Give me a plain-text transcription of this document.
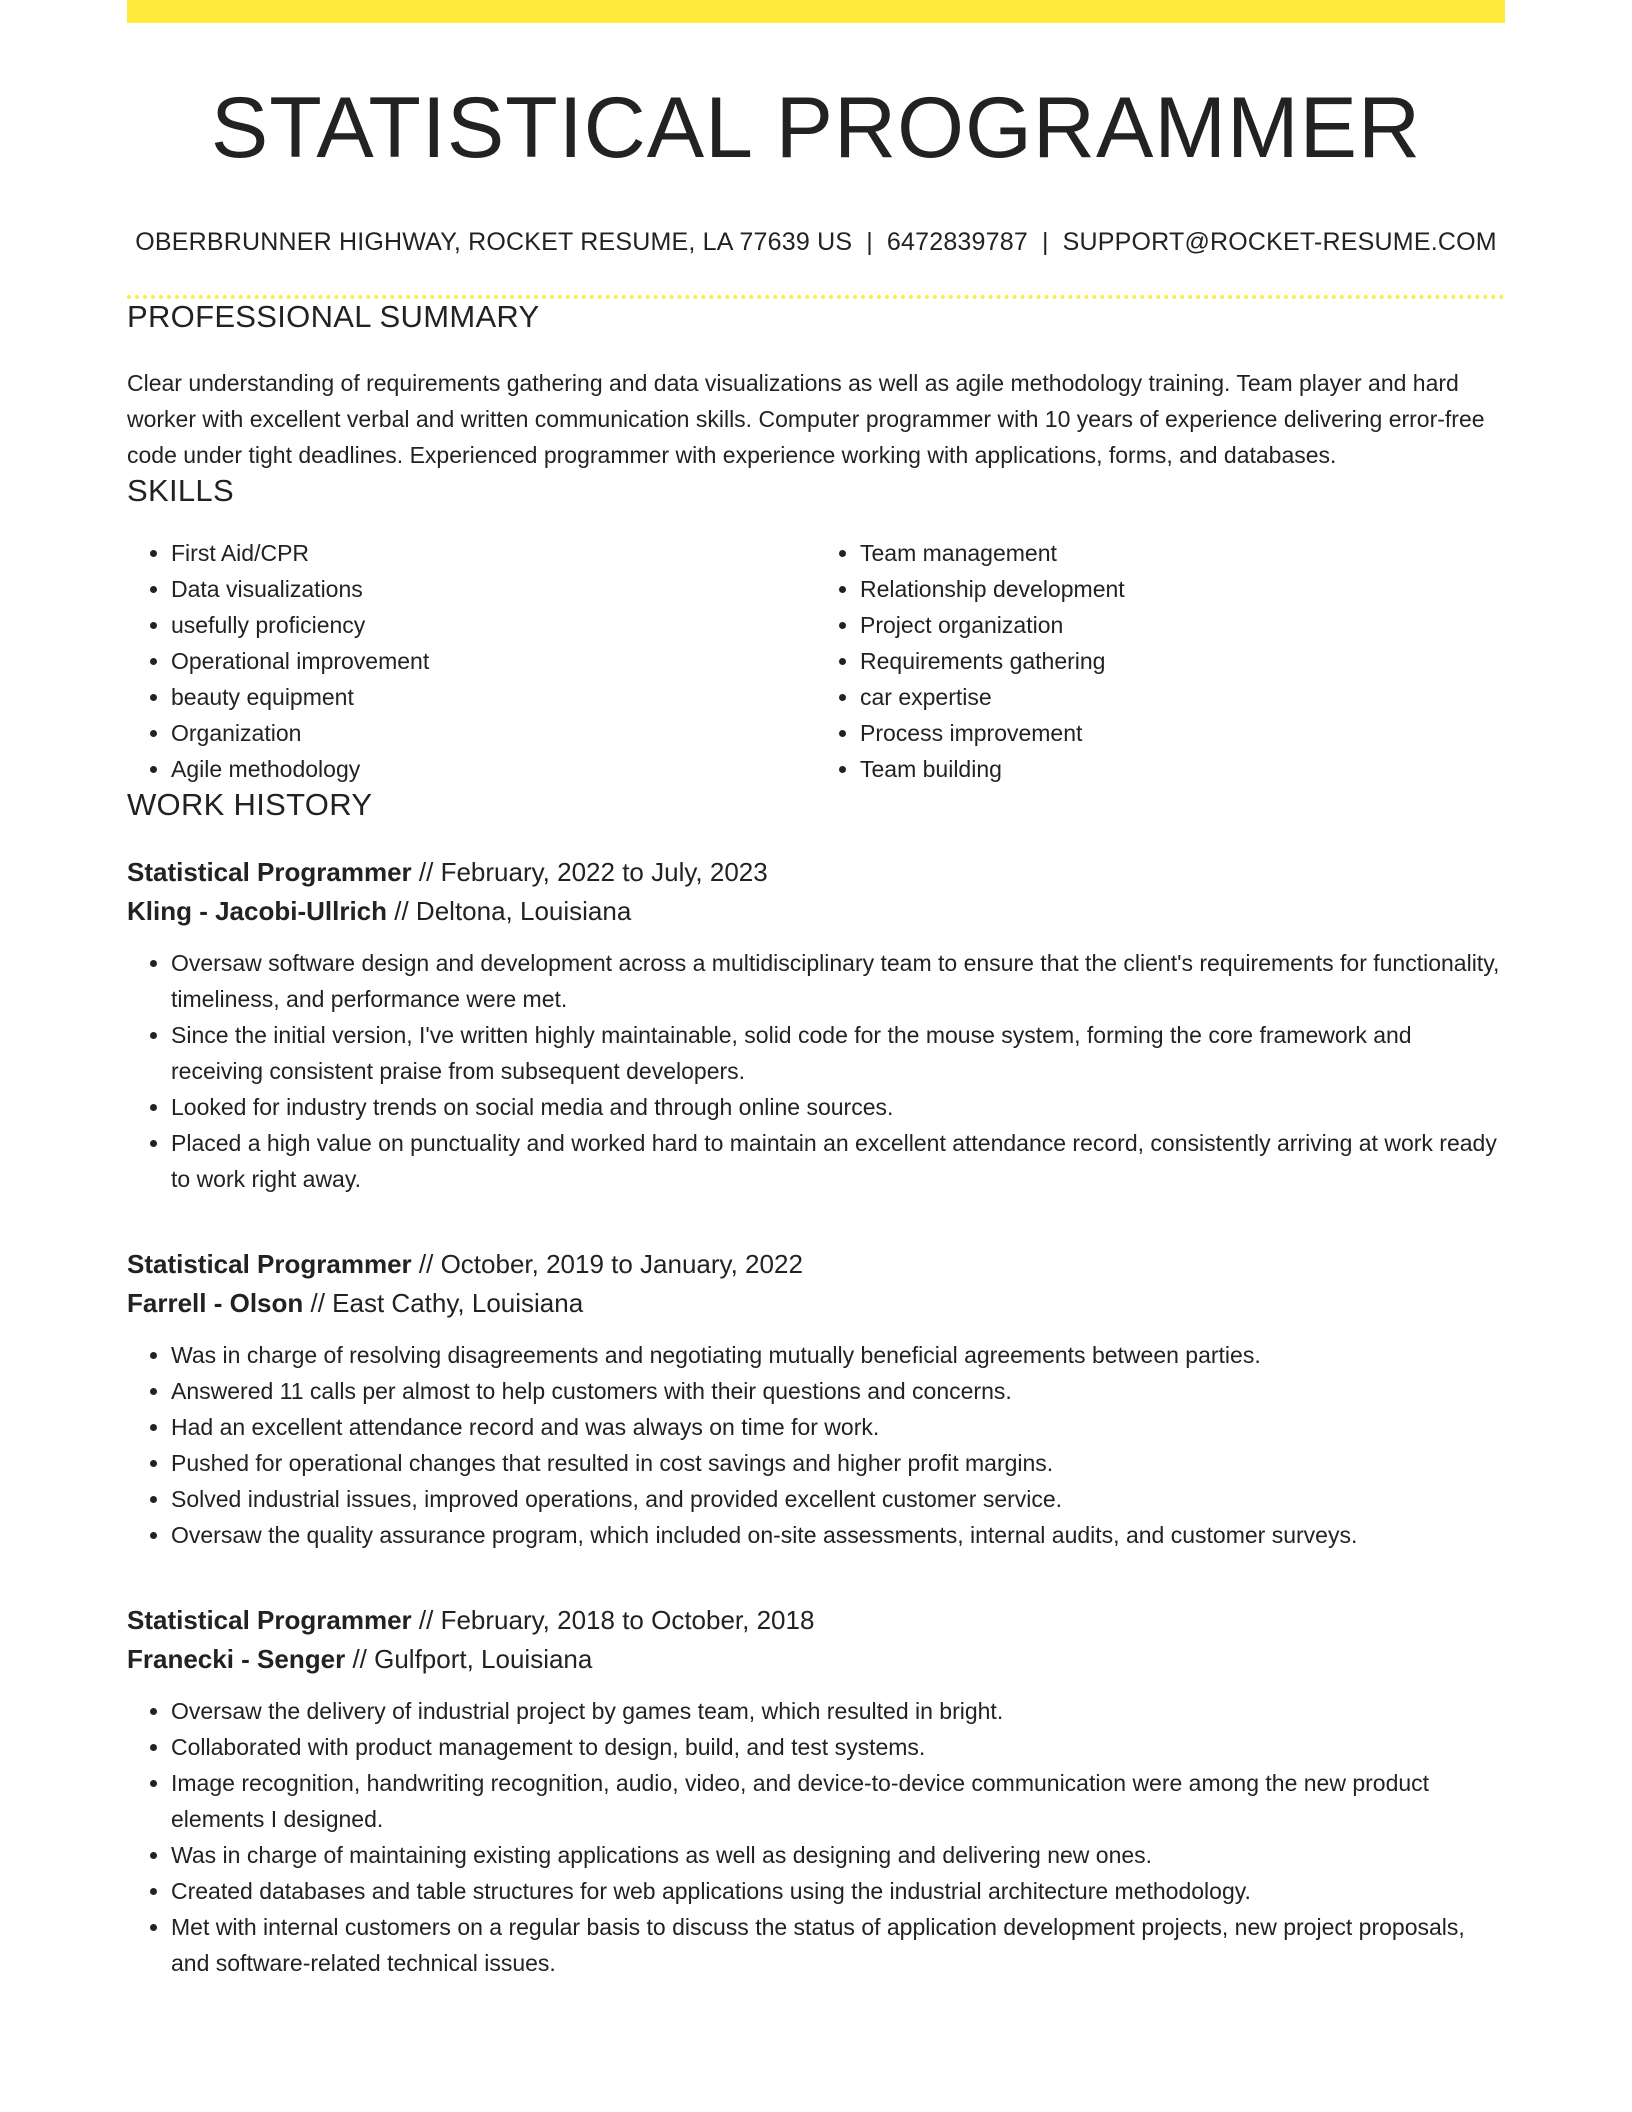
STATISTICAL PROGRAMMER
OBERBRUNNER HIGHWAY, ROCKET RESUME, LA 77639 US | 6472839787 | SUPPORT@ROCKET-RESUME.COM
PROFESSIONAL SUMMARY

Clear understanding of requirements gathering and data visualizations as well as agile methodology training. Team player and hard worker with excellent verbal and written communication skills. Computer programmer with 10 years of experience delivering error-free code under tight deadlines. Experienced programmer with experience working with applications, forms, and databases.

SKILLS
• First Aid/CPR
• Data visualizations
• usefully proficiency
• Operational improvement
• beauty equipment
• Organization
• Agile methodology
• Team management
• Relationship development
• Project organization
• Requirements gathering
• car expertise
• Process improvement
• Team building
WORK HISTORY
Statistical Programmer // February, 2022 to July, 2023
Kling - Jacobi-Ullrich // Deltona, Louisiana
• Oversaw software design and development across a multidisciplinary team to ensure that the client's requirements for functionality, timeliness, and performance were met.
• Since the initial version, I've written highly maintainable, solid code for the mouse system, forming the core framework and receiving consistent praise from subsequent developers.
• Looked for industry trends on social media and through online sources.
• Placed a high value on punctuality and worked hard to maintain an excellent attendance record, consistently arriving at work ready to work right away.
Statistical Programmer // October, 2019 to January, 2022
Farrell - Olson // East Cathy, Louisiana
• Was in charge of resolving disagreements and negotiating mutually beneficial agreements between parties.
• Answered 11 calls per almost to help customers with their questions and concerns.
• Had an excellent attendance record and was always on time for work.
• Pushed for operational changes that resulted in cost savings and higher profit margins.
• Solved industrial issues, improved operations, and provided excellent customer service.
• Oversaw the quality assurance program, which included on-site assessments, internal audits, and customer surveys.
Statistical Programmer // February, 2018 to October, 2018
Franecki - Senger // Gulfport, Louisiana
• Oversaw the delivery of industrial project by games team, which resulted in bright.
• Collaborated with product management to design, build, and test systems.
• Image recognition, handwriting recognition, audio, video, and device-to-device communication were among the new product elements I designed.
• Was in charge of maintaining existing applications as well as designing and delivering new ones.
• Created databases and table structures for web applications using the industrial architecture methodology.
• Met with internal customers on a regular basis to discuss the status of application development projects, new project proposals, and software-related technical issues.
